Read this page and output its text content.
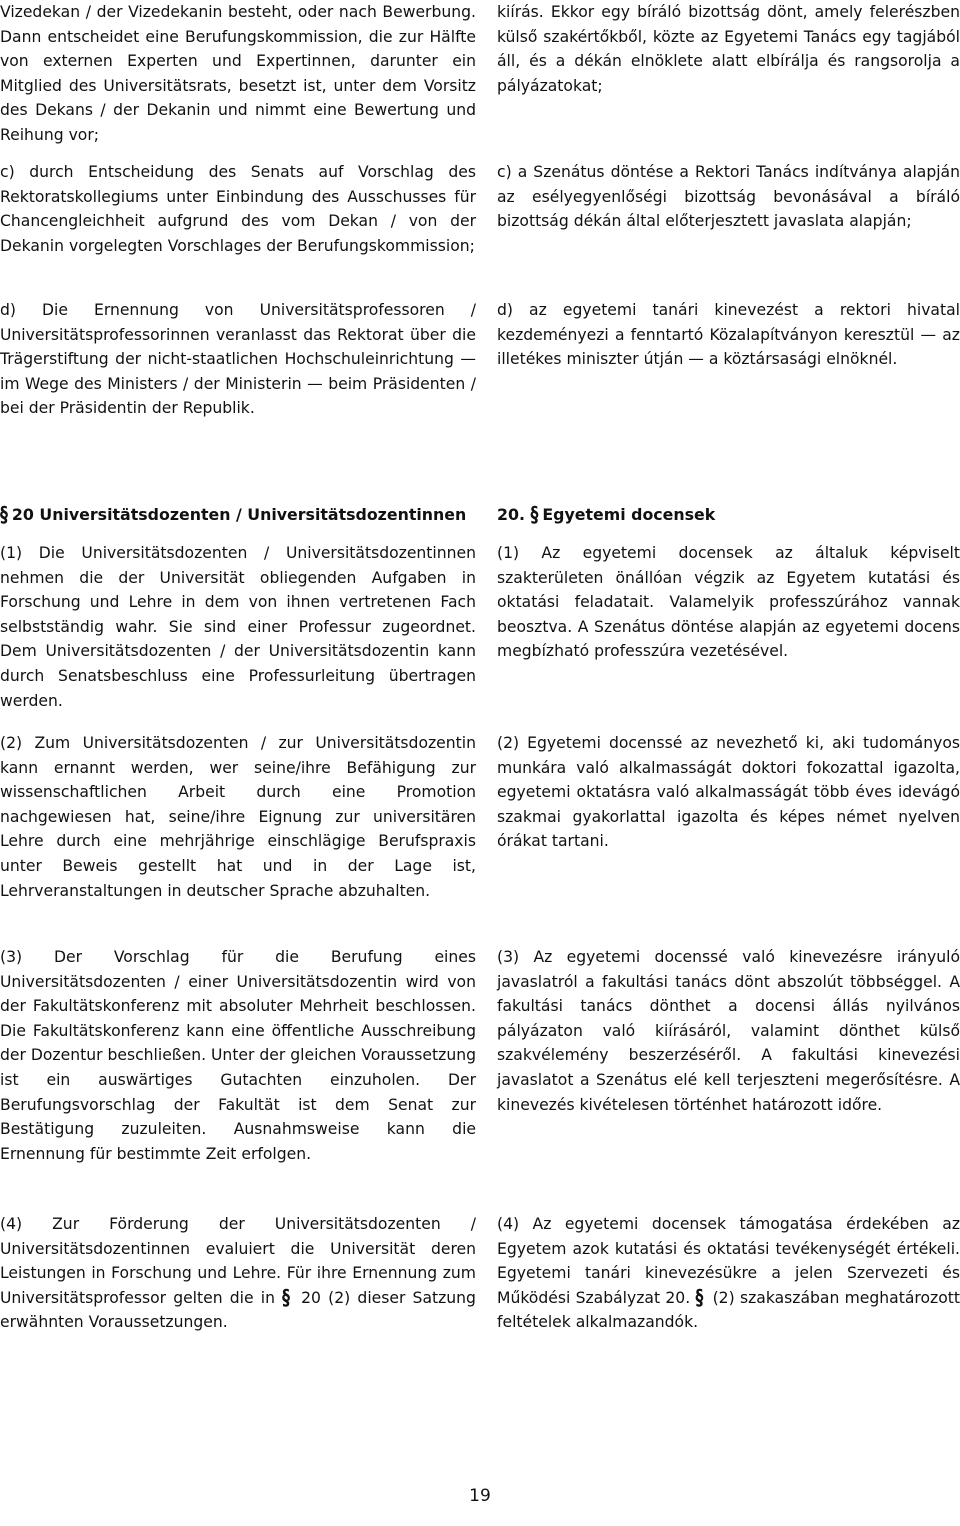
Vizedekan / der Vizedekanin besteht, oder nach Bewerbung. Dann entscheidet eine Berufungskommission, die zur Hälfte von externen Experten und Expertinnen, darunter ein Mitglied des Universitätsrats, besetzt ist, unter dem Vorsitz des Dekans / der Dekanin und nimmt eine Bewertung und Reihung vor;

c) durch Entscheidung des Senats auf Vorschlag des Rektoratskollegiums unter Einbindung des Ausschusses für Chancengleichheit aufgrund des vom Dekan / von der Dekanin vorgelegten Vorschlages der Berufungskommission;

d) Die Ernennung von Universitätsprofessoren / Universitätsprofessorinnen veranlasst das Rektorat über die Trägerstiftung der nicht-staatlichen Hochschuleinrichtung — im Wege des Ministers / der Ministerin — beim Präsidenten / bei der Präsidentin der Republik.

§ 20 Universitätsdozenten / Universitätsdozentinnen

(1) Die Universitätsdozenten / Universitätsdozentinnen nehmen die der Universität obliegenden Aufgaben in Forschung und Lehre in dem von ihnen vertretenen Fach selbstständig wahr. Sie sind einer Professur zugeordnet. Dem Universitätsdozenten / der Universitätsdozentin kann durch Senatsbeschluss eine Professurleitung übertragen werden.

(2) Zum Universitätsdozenten / zur Universitätsdozentin kann ernannt werden, wer seine/ihre Befähigung zur wissenschaftlichen Arbeit durch eine Promotion nachgewiesen hat, seine/ihre Eignung zur universitären Lehre durch eine mehrjährige einschlägige Berufspraxis unter Beweis gestellt hat und in der Lage ist, Lehrveranstaltungen in deutscher Sprache abzuhalten.

(3) Der Vorschlag für die Berufung eines Universitätsdozenten / einer Universitätsdozentin wird von der Fakultätskonferenz mit absoluter Mehrheit beschlossen. Die Fakultätskonferenz kann eine öffentliche Ausschreibung der Dozentur beschließen. Unter der gleichen Voraussetzung ist ein auswärtiges Gutachten einzuholen. Der Berufungsvorschlag der Fakultät ist dem Senat zur Bestätigung zuzuleiten. Ausnahmsweise kann die Ernennung für bestimmte Zeit erfolgen.

(4) Zur Förderung der Universitätsdozenten / Universitätsdozentinnen evaluiert die Universität deren Leistungen in Forschung und Lehre. Für ihre Ernennung zum Universitätsprofessor gelten die in § 20 (2) dieser Satzung erwähnten Voraussetzungen.

kiírás. Ekkor egy bíráló bizottság dönt, amely felerészben külső szakértőkből, közte az Egyetemi Tanács egy tagjából áll, és a dékán elnöklete alatt elbírálja és rangsorolja a pályázatokat;

c) a Szenátus döntése a Rektori Tanács indítványa alapján az esélyegyenlőségi bizottság bevonásával a bíráló bizottság dékán által előterjesztett javaslata alapján;

d) az egyetemi tanári kinevezést a rektori hivatal kezdeményezi a fenntartó Közalapítványon keresztül — az illetékes miniszter útján — a köztársasági elnöknél.

20. § Egyetemi docensek

(1) Az egyetemi docensek az általuk képviselt szakterületen önállóan végzik az Egyetem kutatási és oktatási feladatait. Valamelyik professzúrához vannak beosztva. A Szenátus döntése alapján az egyetemi docens megbízható professzúra vezetésével.

(2) Egyetemi docenssé az nevezhető ki, aki tudományos munkára való alkalmasságát doktori fokozattal igazolta, egyetemi oktatásra való alkalmasságát több éves idevágó szakmai gyakorlattal igazolta és képes német nyelven órákat tartani.

(3) Az egyetemi docenssé való kinevezésre irányuló javaslatról a fakultási tanács dönt abszolút többséggel. A fakultási tanács dönthet a docensi állás nyilvános pályázaton való kiírásáról, valamint dönthet külső szakvélemény beszerzéséről. A fakultási kinevezési javaslatot a Szenátus elé kell terjeszteni megerősítésre. A kinevezés kivételesen történhet határozott időre.

(4) Az egyetemi docensek támogatása érdekében az Egyetem azok kutatási és oktatási tevékenységét értékeli. Egyetemi tanári kinevezésükre a jelen Szervezeti és Működési Szabályzat 20. § (2) szakaszában meghatározott feltételek alkalmazandók.

19
